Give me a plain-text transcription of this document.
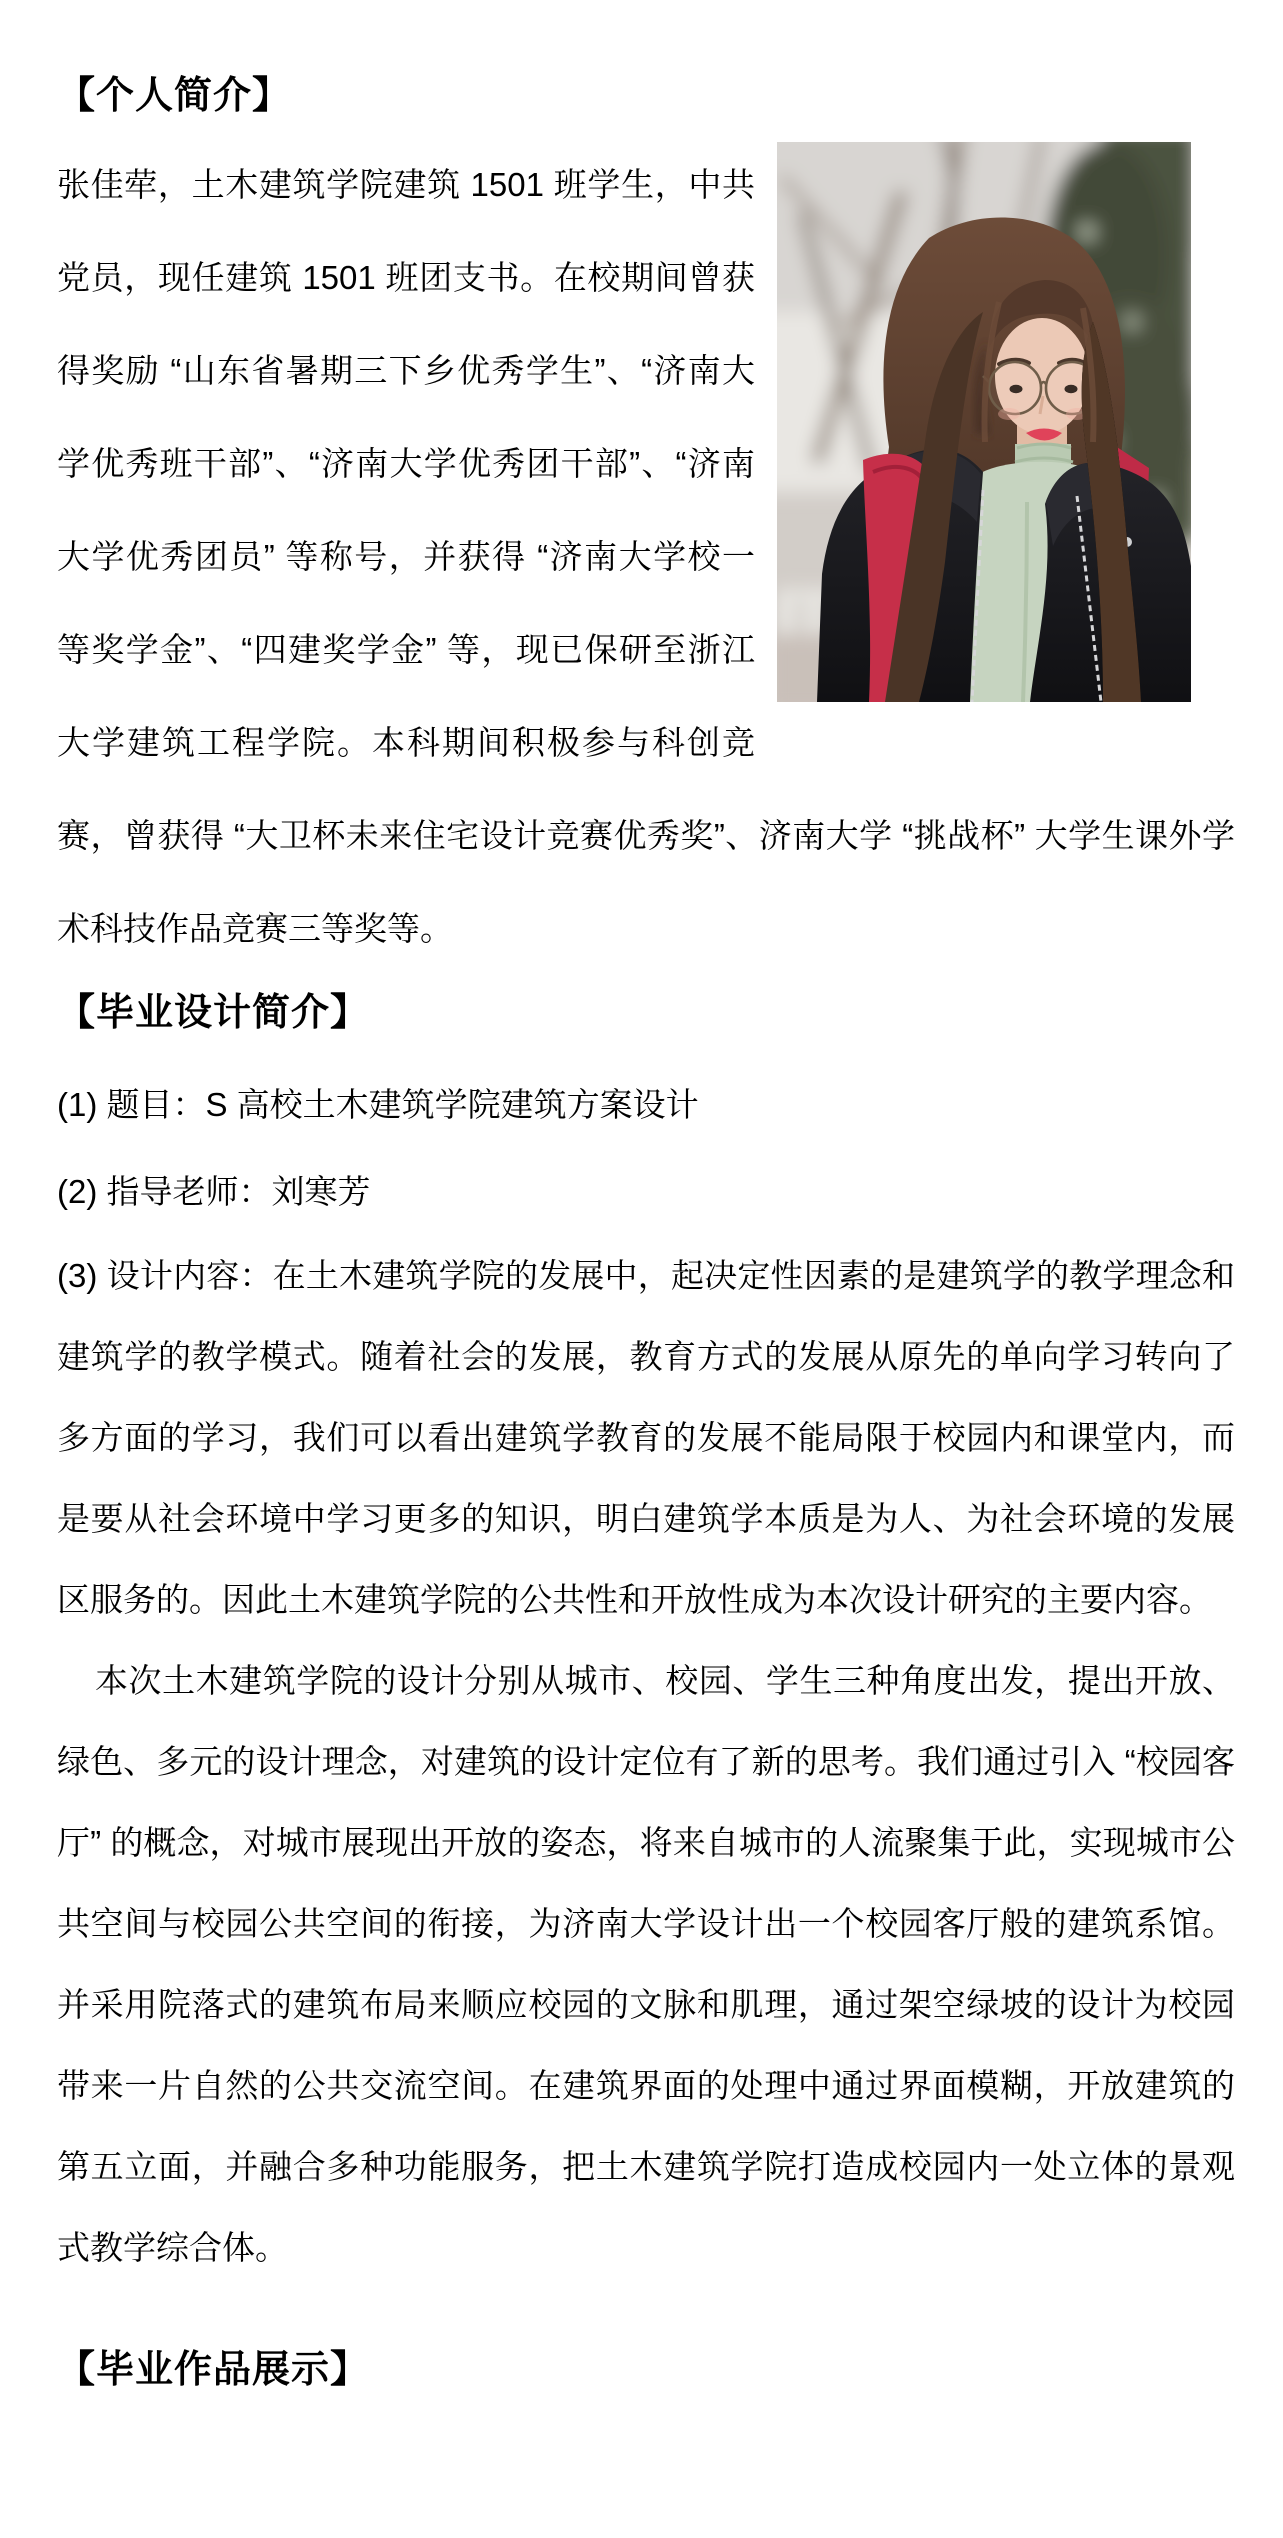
【个人简介】

张佳荦，土木建筑学院建筑 1501 班学生，中共党员，现任建筑 1501 班团支书。在校期间曾获得奖励 “山东省暑期三下乡优秀学生”、“济南大学优秀班干部”、“济南大学优秀团干部”、“济南大学优秀团员” 等称号，并获得 “济南大学校一等奖学金”、“四建奖学金” 等，现已保研至浙江大学建筑工程学院。本科期间积极参与科创竞赛，曾获得 “大卫杯未来住宅设计竞赛优秀奖”、济南大学 “挑战杯” 大学生课外学术科技作品竞赛三等奖等。

【毕业设计简介】

(1) 题目：S 高校土木建筑学院建筑方案设计

(2) 指导老师：刘寒芳

(3) 设计内容：在土木建筑学院的发展中，起决定性因素的是建筑学的教学理念和建筑学的教学模式。随着社会的发展，教育方式的发展从原先的单向学习转向了多方面的学习，我们可以看出建筑学教育的发展不能局限于校园内和课堂内，而是要从社会环境中学习更多的知识，明白建筑学本质是为人、为社会环境的发展区服务的。因此土木建筑学院的公共性和开放性成为本次设计研究的主要内容。

本次土木建筑学院的设计分别从城市、校园、学生三种角度出发，提出开放、绿色、多元的设计理念，对建筑的设计定位有了新的思考。我们通过引入 “校园客厅” 的概念，对城市展现出开放的姿态，将来自城市的人流聚集于此，实现城市公共空间与校园公共空间的衔接，为济南大学设计出一个校园客厅般的建筑系馆。并采用院落式的建筑布局来顺应校园的文脉和肌理，通过架空绿坡的设计为校园带来一片自然的公共交流空间。在建筑界面的处理中通过界面模糊，开放建筑的第五立面，并融合多种功能服务，把土木建筑学院打造成校园内一处立体的景观式教学综合体。

【毕业作品展示】
